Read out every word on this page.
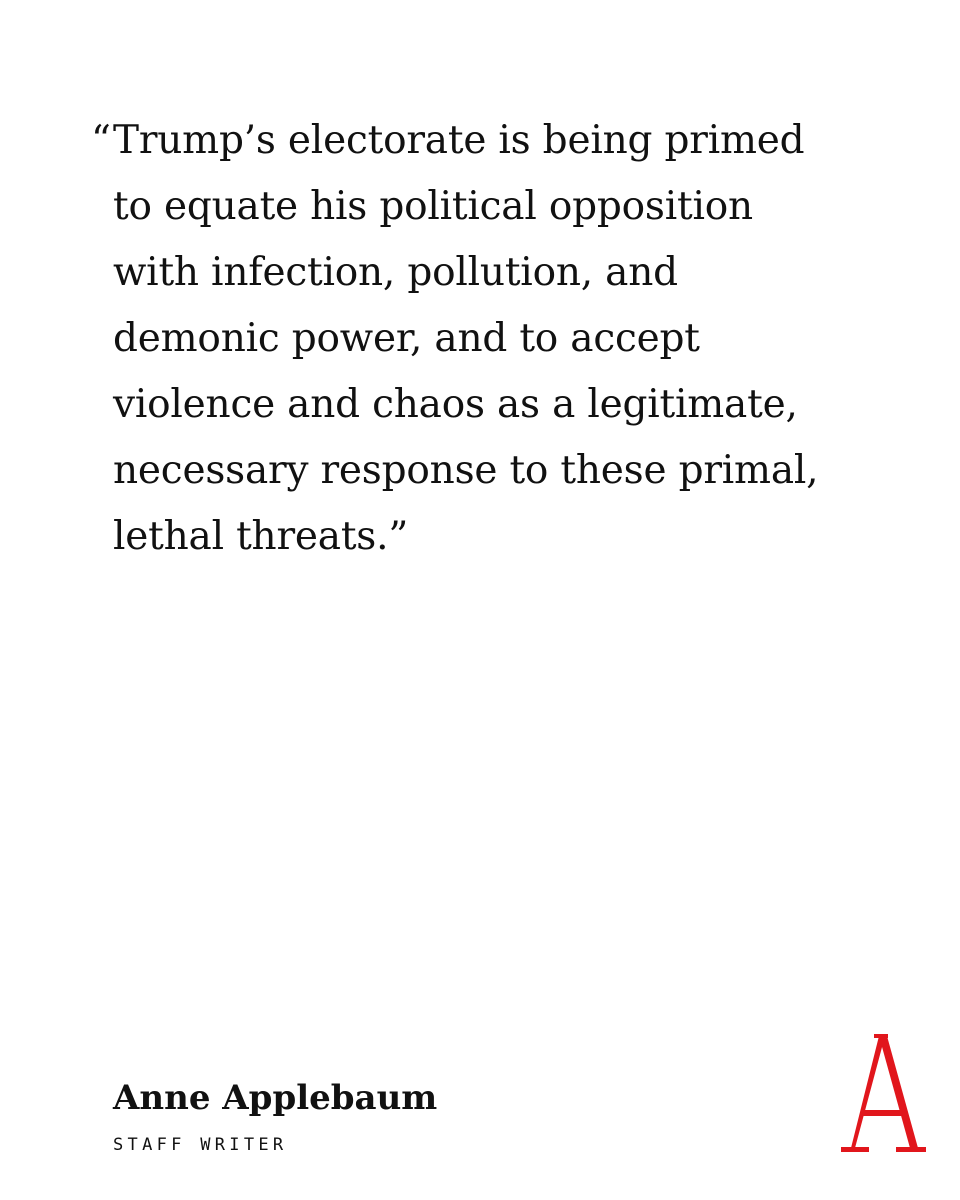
“ Trump’s electorate is being primed
to equate his political opposition
with infection, pollution, and
demonic power, and to accept
violence and chaos as a legitimate,
necessary response to these primal,
lethal threats.”

Anne Applebaum

STAFF WRITER
